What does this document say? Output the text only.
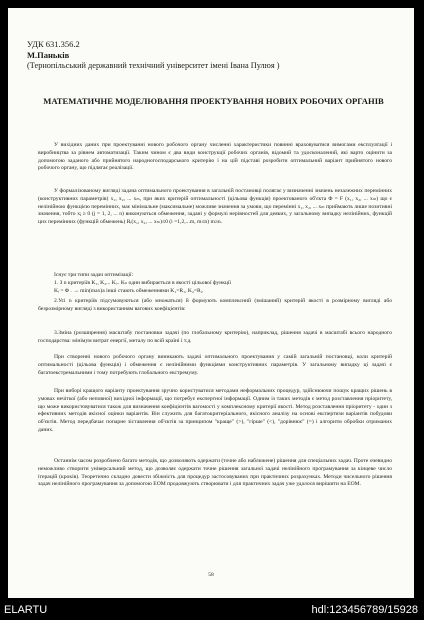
УДК 631.356.2
М.Паньків
(Тернопільський державний технічний університет імені Івана Пулюя )
МАТЕМАТИЧНЕ МОДЕЛЮВАННЯ ПРОЕКТУВАННЯ НОВИХ РОБОЧИХ ОРГАНІВ
У вихідних даних при проектуванні нового робочого органу численні характеристики повинні враховуватися вимогами експлуатації і виробництва за рівнем автоматизації. Таким чином є два види конструкції робочих органів, відомий та удосконалений, які варто оцінити за допомогою заданого або прийнятого народногосподарського критерію і на цій підставі розробити оптимальний варіант прийнятого нового робочого органу, що підлягає реалізації.
У формалізованому вигляді задача оптимального проектування в загальній постановці полягає у визначенні значень незалежних перемінних (конструктивних параметрів) x₁, x₂, ... xₘ, при яких критерій оптимальності (цільова функція) проектованого об'єкта Φ = F (x₁, x₂, ... xₘ) що є нелінійною функцією перемінних, має мінімальне (максимальне) можливе значення за умови, що перемінні x₁, x₂, ... xₘ приймають лише позитивні значення, тобто xⱼ ≥ 0 (j = 1, 2, ... n) виконуються обмеження, задані у формулі нерівностей для деяких, у загальному випадку нелінійних, функцій цих перемінних (функцій обмежень) Rᵢ(x₁, x₂, ... xₘ)≤0 (i =1,2,...m, m≤n) m≥n.
Існує три типи задач оптимізації:
1. З n критеріїв K₁, K₂... Kᵢ.. Kₙ один вибирається в якості цільової функції
Kᵢ = Φ . → min(max)а інші стають обмеженнями K₁=R₁, K₂=R₂
2.Усі n критеріїв підсумовуються (або множаться) й формують комплексний (змішаний) критерій якості в розмірному вигляді або безрозмірному вигляді з використанням вагових коефіцієнтів:
3.Зміна (розширення) масштабу постановки задачі (по глобальному критерію), наприклад, рішення задачі в масштабі всього народного господарства: мінімум витрат енергії, металу по всій країні і т.д.
При створенні нового робочого органу виникають задачі оптимального проектування у самій загальній постановці, коли критерій оптимальності (цільова функція) і обмеження є нелінійними функціями конструктивних параметрів. У загальному випадку ці задачі є багатоекстремальними і тому потребують глобального екстремуму.
При виборі кращого варіанту проектування зручно користуватися методами неформальних процедур, здійснюючи пошук кращих рішень в умовах нечіткої (або неповної) вихідної інформації, що потребує експертної інформації. Одним із таких методів є метод розставлення пріоритету, що може використовуватися також для визначення коефіцієнтів вагомості у комплексному критерії якості. Метод розставлення пріоритету - один з ефективних методів якісної оцінки варіантів. Він служить для багатокритеріального, якісного аналізу на основі експертизи варіантів побудови об'єктів. Метод передбачає попарне зіставлення об'єктів за принципом "краще" (>), "гірше" (<), "дорівнює" (=) і алгоритм обробки отриманих даних.
Останнім часом розроблено багато методів, що дозволяють одержати (точне або наближене) рішення для спеціальних задач. Проте очевидно неможливо створити універсальний метод, що дозволяє одержати точне рішення загальної задачі нелінійного програмування за кінцеве число ітерацій (кроків). Теоретично складно довести збіжність для процедур застосовуваних при практичних розрахунках. Методи чисельного рішення задач нелінійного програмування за допомогою ЕОМ продовжують створювати і для практичних задач уже удалося вирішити на ЕОМ.
58
ELARTU	hdl:123456789/15928
